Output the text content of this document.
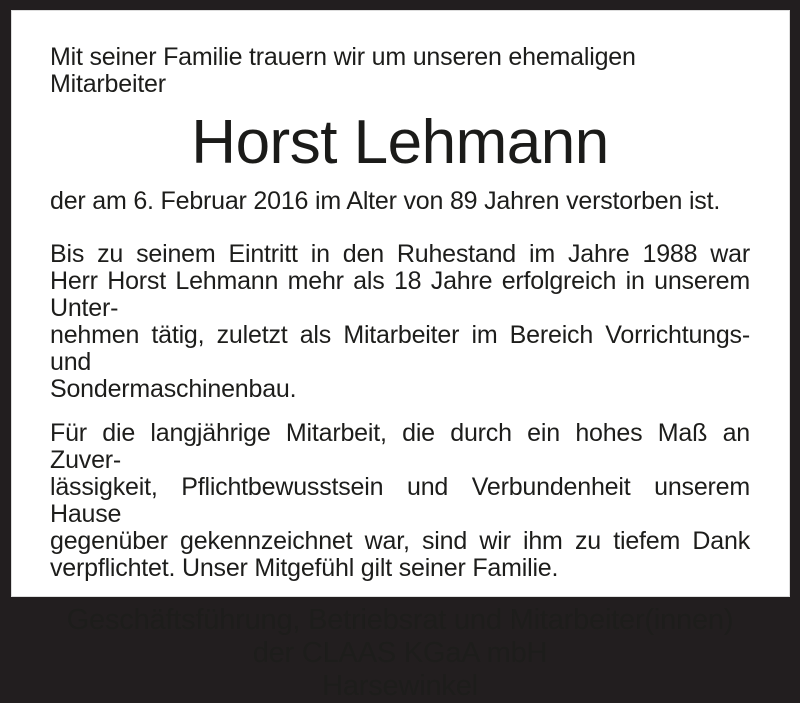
Mit seiner Familie trauern wir um unseren ehemaligen Mitarbeiter
Horst Lehmann
der am 6. Februar 2016 im Alter von 89 Jahren verstorben ist.
Bis zu seinem Eintritt in den Ruhestand im Jahre 1988 war
Herr Horst Lehmann mehr als 18 Jahre erfolgreich in unserem Unter-
nehmen tätig, zuletzt als Mitarbeiter im Bereich Vorrichtungs- und
Sondermaschinenbau.
Für die langjährige Mitarbeit, die durch ein hohes Maß an Zuver-
lässigkeit, Pflichtbewusstsein und Verbundenheit unserem Hause
gegenüber gekennzeichnet war, sind wir ihm zu tiefem Dank
verpflichtet. Unser Mitgefühl gilt seiner Familie.
Geschäftsführung, Betriebsrat und Mitarbeiter(innen)
der CLAAS KGaA mbH
Harsewinkel
